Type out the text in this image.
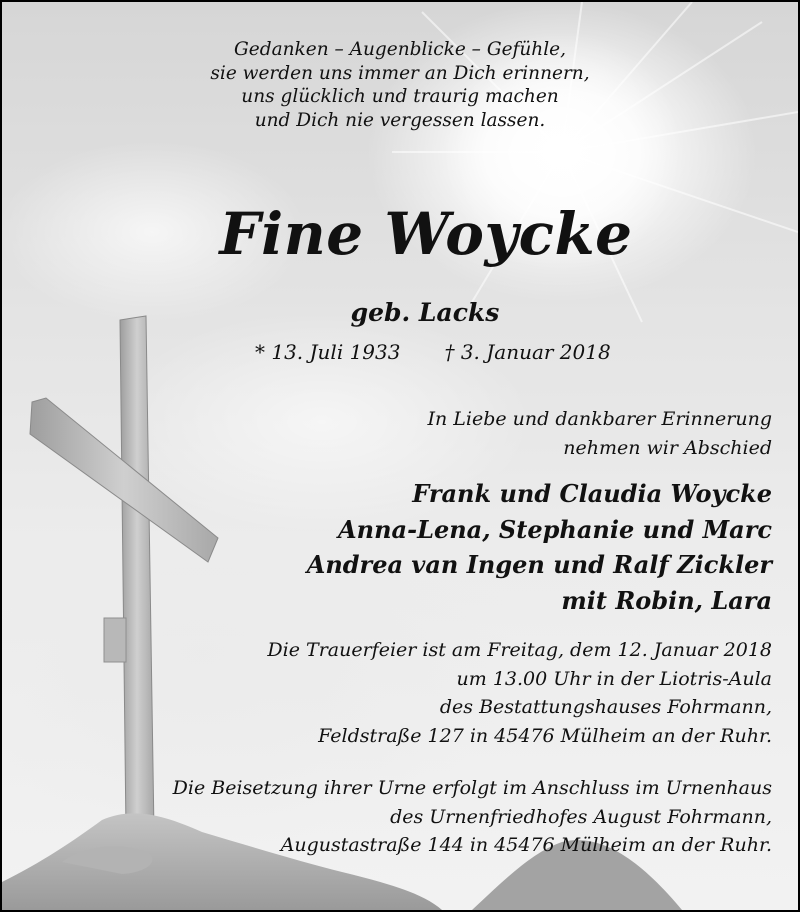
Gedanken – Augenblicke – Gefühle,
sie werden uns immer an Dich erinnern,
uns glücklich und traurig machen
und Dich nie vergessen lassen.
Fine Woycke
geb. Lacks
* 13. Juli 1933 † 3. Januar 2018
In Liebe und dankbarer Erinnerung
nehmen wir Abschied
Frank und Claudia Woycke
Anna-Lena, Stephanie und Marc
Andrea van Ingen und Ralf Zickler
mit Robin, Lara
Die Trauerfeier ist am Freitag, dem 12. Januar 2018
um 13.00 Uhr in der Liotris-Aula
des Bestattungshauses Fohrmann,
Feldstraße 127 in 45476 Mülheim an der Ruhr.
Die Beisetzung ihrer Urne erfolgt im Anschluss im Urnenhaus
des Urnenfriedhofes August Fohrmann,
Augustastraße 144 in 45476 Mülheim an der Ruhr.
